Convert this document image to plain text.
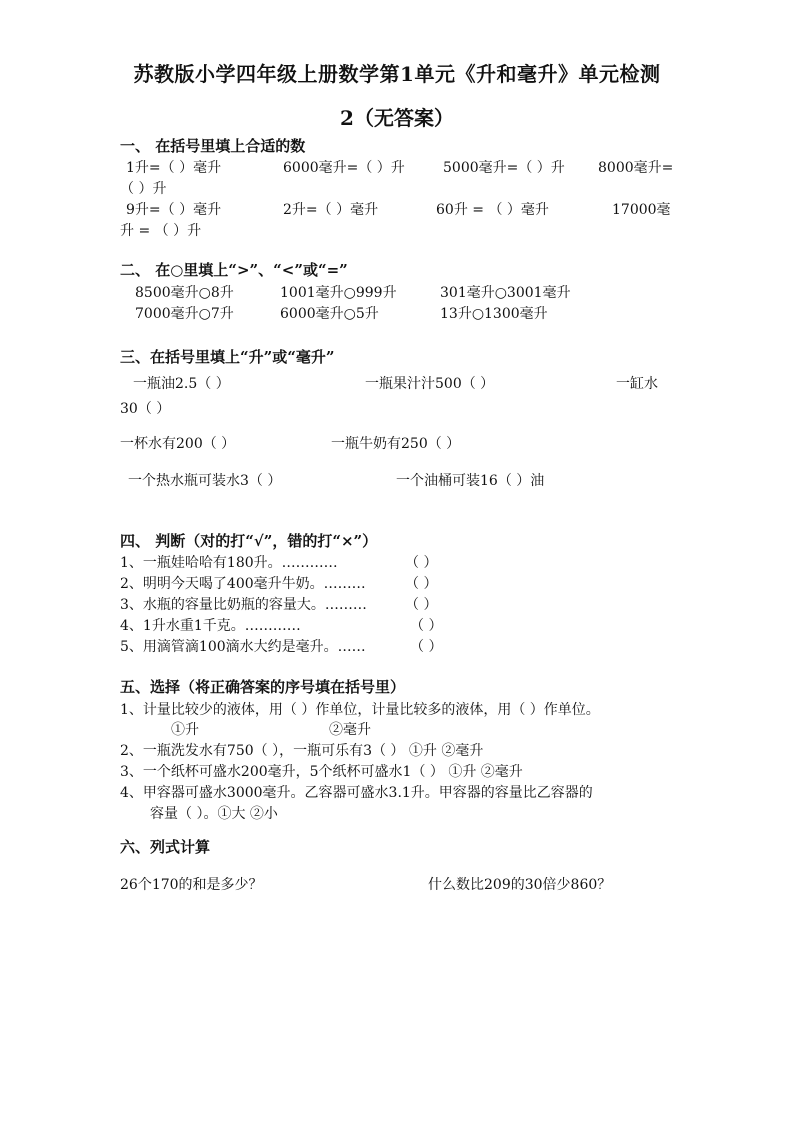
苏教版小学四年级上册数学第1单元《升和毫升》单元检测
2（无答案）
一、 在括号里填上合适的数
1升=（ ）毫升	6000毫升=（ ）升	5000毫升=（ ）升 8000毫升=
（ ）升
9升=（ ）毫升	2升=（ ）毫升	60升 = （ ）毫升	17000毫
升 = （ ）升
二、 在○里填上“>”、“<”或“=”
8500毫升○8升	1001毫升○999升	301毫升○3001毫升
7000毫升○7升	6000毫升○5升	13升○1300毫升
三、在括号里填上“升”或“毫升”
一瓶油2.5（ ）	一瓶果汁汁500（ ）	一缸水
30（ ）
一杯水有200（ ）	一瓶牛奶有250（ ）
一个热水瓶可装水3（ ）	一个油桶可装16（ ）油
四、 判断（对的打“√”，错的打“×”）
1、一瓶娃哈哈有180升。…………	（ ）
2、明明今天喝了400毫升牛奶。………	（ ）
3、水瓶的容量比奶瓶的容量大。………	（ ）
4、1升水重1千克。…………	（ ）
5、用滴管滴100滴水大约是毫升。……	（ ）
五、选择（将正确答案的序号填在括号里）
1、计量比较少的液体，用（ ）作单位，计量比较多的液体，用（ ）作单位。
①升	②毫升
2、一瓶洗发水有750（ ），一瓶可乐有3（ ） ①升 ②毫升
3、一个纸杯可盛水200毫升，5个纸杯可盛水1（ ） ①升 ②毫升
4、甲容器可盛水3000毫升。乙容器可盛水3.1升。甲容器的容量比乙容器的
容量（ ）。①大 ②小
六、列式计算
26个170的和是多少？	什么数比209的30倍少860？
